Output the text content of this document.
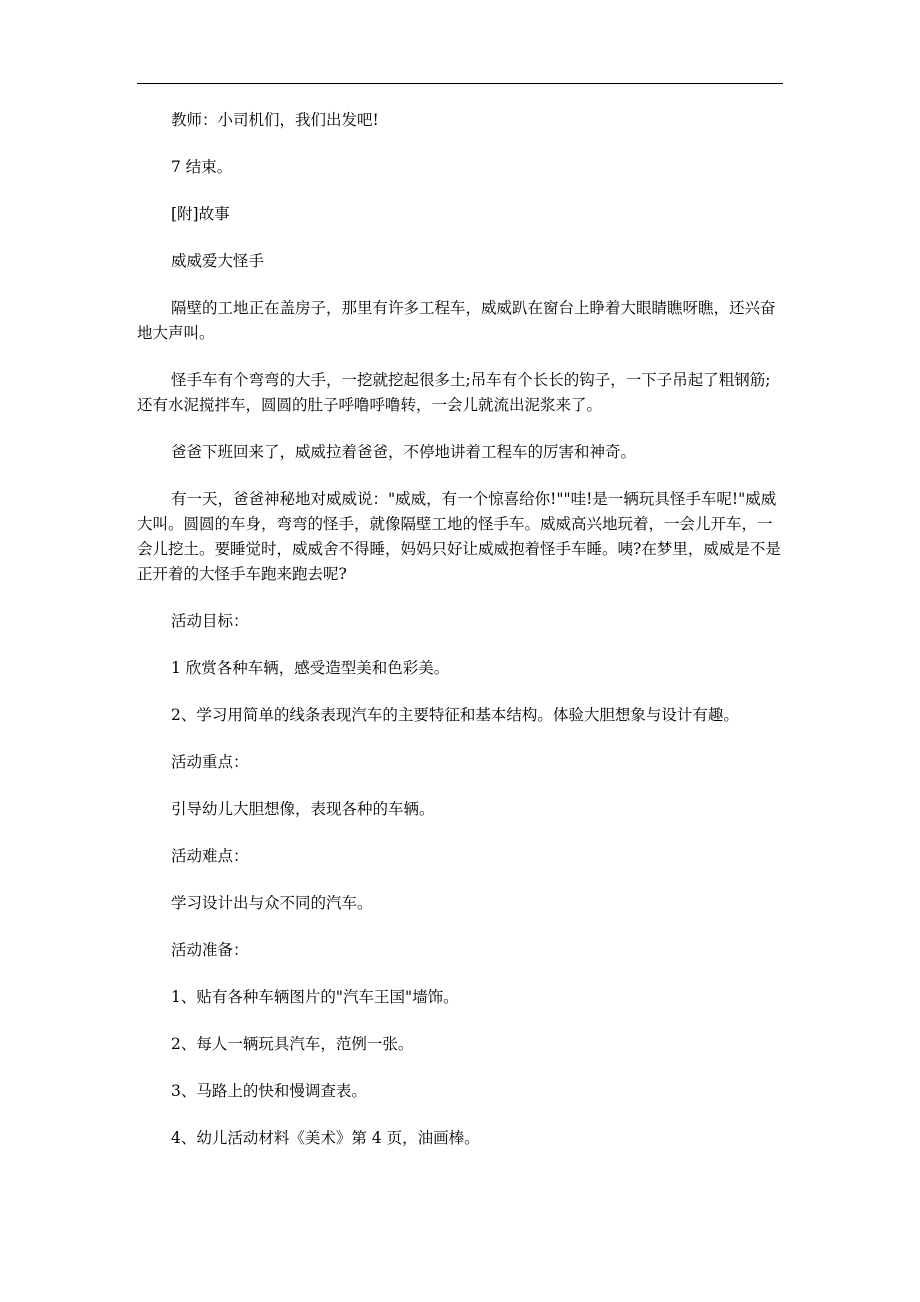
教师：小司机们，我们出发吧!

7 结束。

[附]故事

威威爱大怪手

隔壁的工地正在盖房子，那里有许多工程车，威威趴在窗台上睁着大眼睛瞧呀瞧，还兴奋地大声叫。

怪手车有个弯弯的大手，一挖就挖起很多土;吊车有个长长的钩子，一下子吊起了粗钢筋;还有水泥搅拌车，圆圆的肚子呼噜呼噜转，一会儿就流出泥浆来了。

爸爸下班回来了，威威拉着爸爸，不停地讲着工程车的厉害和神奇。

有一天，爸爸神秘地对威威说："威威，有一个惊喜给你!""哇!是一辆玩具怪手车呢!"威威大叫。圆圆的车身，弯弯的怪手，就像隔壁工地的怪手车。威威高兴地玩着，一会儿开车，一会儿挖土。要睡觉时，威威舍不得睡，妈妈只好让威威抱着怪手车睡。咦?在梦里，威威是不是正开着的大怪手车跑来跑去呢?

活动目标：

1 欣赏各种车辆，感受造型美和色彩美。

2、学习用简单的线条表现汽车的主要特征和基本结构。体验大胆想象与设计有趣。

活动重点：

引导幼儿大胆想像，表现各种的车辆。

活动难点：

学习设计出与众不同的汽车。

活动准备：

1、贴有各种车辆图片的"汽车王国"墙饰。

2、每人一辆玩具汽车，范例一张。

3、马路上的快和慢调查表。

4、幼儿活动材料《美术》第 4 页，油画棒。
